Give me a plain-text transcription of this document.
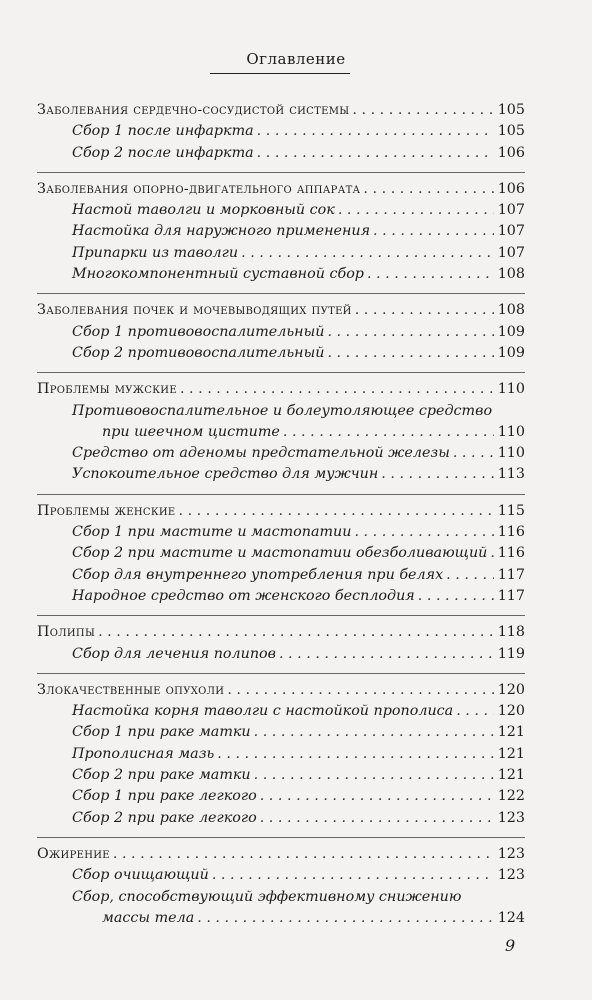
Оглавление
Заболевания сердечно-сосудистой системы . . .	105
Сбор 1 после инфаркта . . .	105
Сбор 2 после инфаркта . . .	106
Заболевания опорно-двигательного аппарата . . .	106
Настой таволги и морковный сок . . .	107
Настойка для наружного применения . . .	107
Припарки из таволги . . .	107
Многокомпонентный суставной сбор . . .	108
Заболевания почек и мочевыводящих путей . . .	108
Сбор 1 противовоспалительный . . .	109
Сбор 2 противовоспалительный . . .	109
Проблемы мужские . . .	110
Противовоспалительное и болеутоляющее средство
при шеечном цистите . . .	110
Средство от аденомы предстательной железы . . .	110
Успокоительное средство для мужчин . . .	113
Проблемы женские . . .	115
Сбор 1 при мастите и мастопатии . . .	116
Сбор 2 при мастите и мастопатии обезболивающий . . . 116
Сбор для внутреннего употребления при белях . . .	117
Народное средство от женского бесплодия . . .	117
Полипы . . .	118
Сбор для лечения полипов . . .	119
Злокачественные опухоли . . .	120
Настойка корня таволги с настойкой прополиса . . .	120
Сбор 1 при раке матки . . .	121
Прополисная мазь . . .	121
Сбор 2 при раке матки . . .	121
Сбор 1 при раке легкого . . .	122
Сбор 2 при раке легкого . . .	123
Ожирение . . .	123
Сбор очищающий . . .	123
Сбор, способствующий эффективному снижению
массы тела . . .	124
9
